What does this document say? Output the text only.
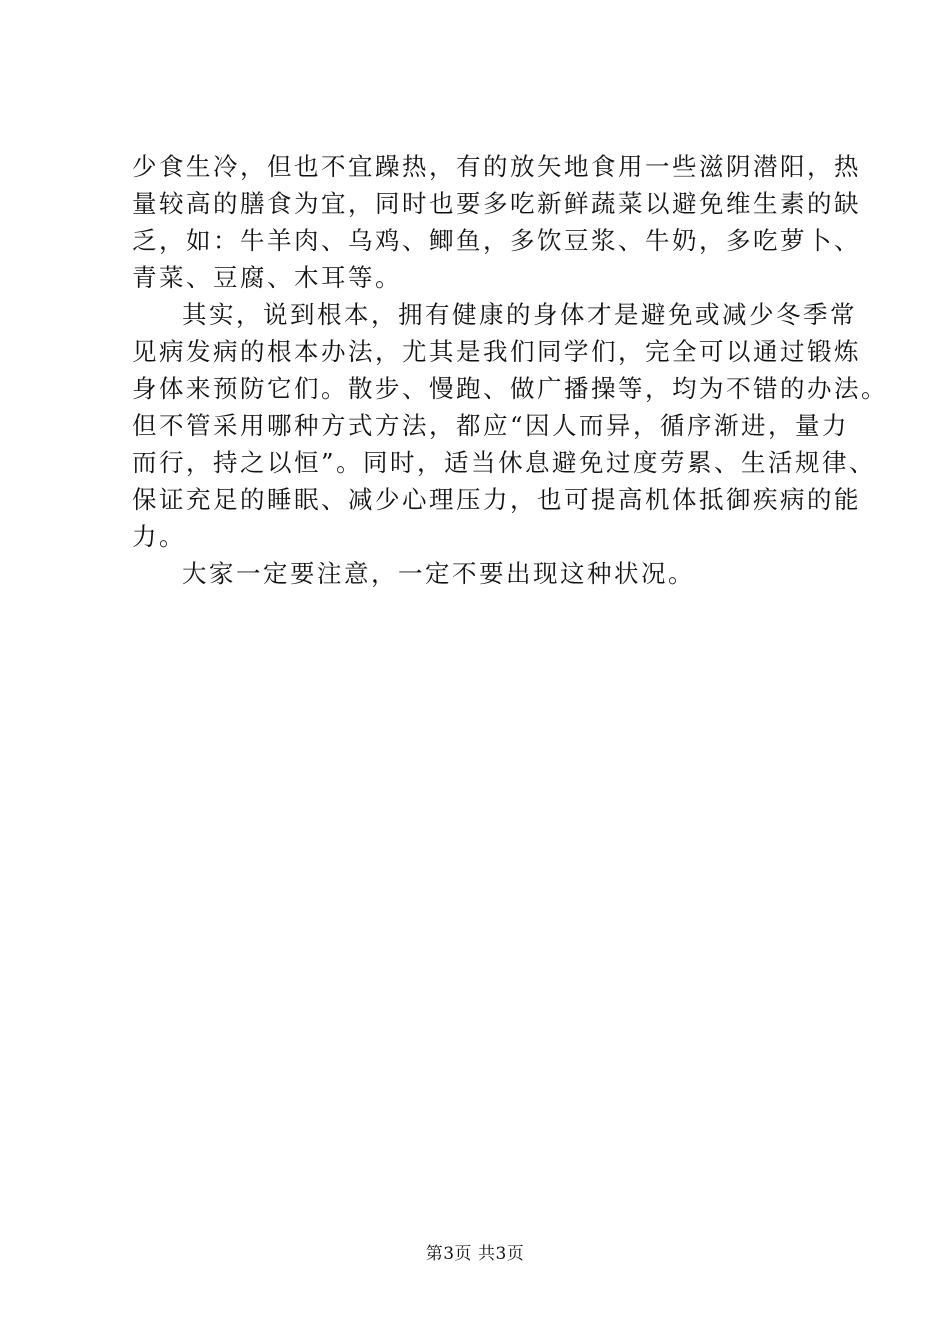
少食生冷，但也不宜躁热，有的放矢地食用一些滋阴潜阳，热
量较高的膳食为宜，同时也要多吃新鲜蔬菜以避免维生素的缺
乏，如：牛羊肉、乌鸡、鲫鱼，多饮豆浆、牛奶，多吃萝卜、
青菜、豆腐、木耳等。
其实，说到根本，拥有健康的身体才是避免或减少冬季常
见病发病的根本办法，尤其是我们同学们，完全可以通过锻炼
身体来预防它们。散步、慢跑、做广播操等，均为不错的办法。
但不管采用哪种方式方法，都应“因人而异，循序渐进，量力
而行，持之以恒”。同时，适当休息避免过度劳累、生活规律、
保证充足的睡眠、减少心理压力，也可提高机体抵御疾病的能
力。
大家一定要注意，一定不要出现这种状况。
第3页 共3页
